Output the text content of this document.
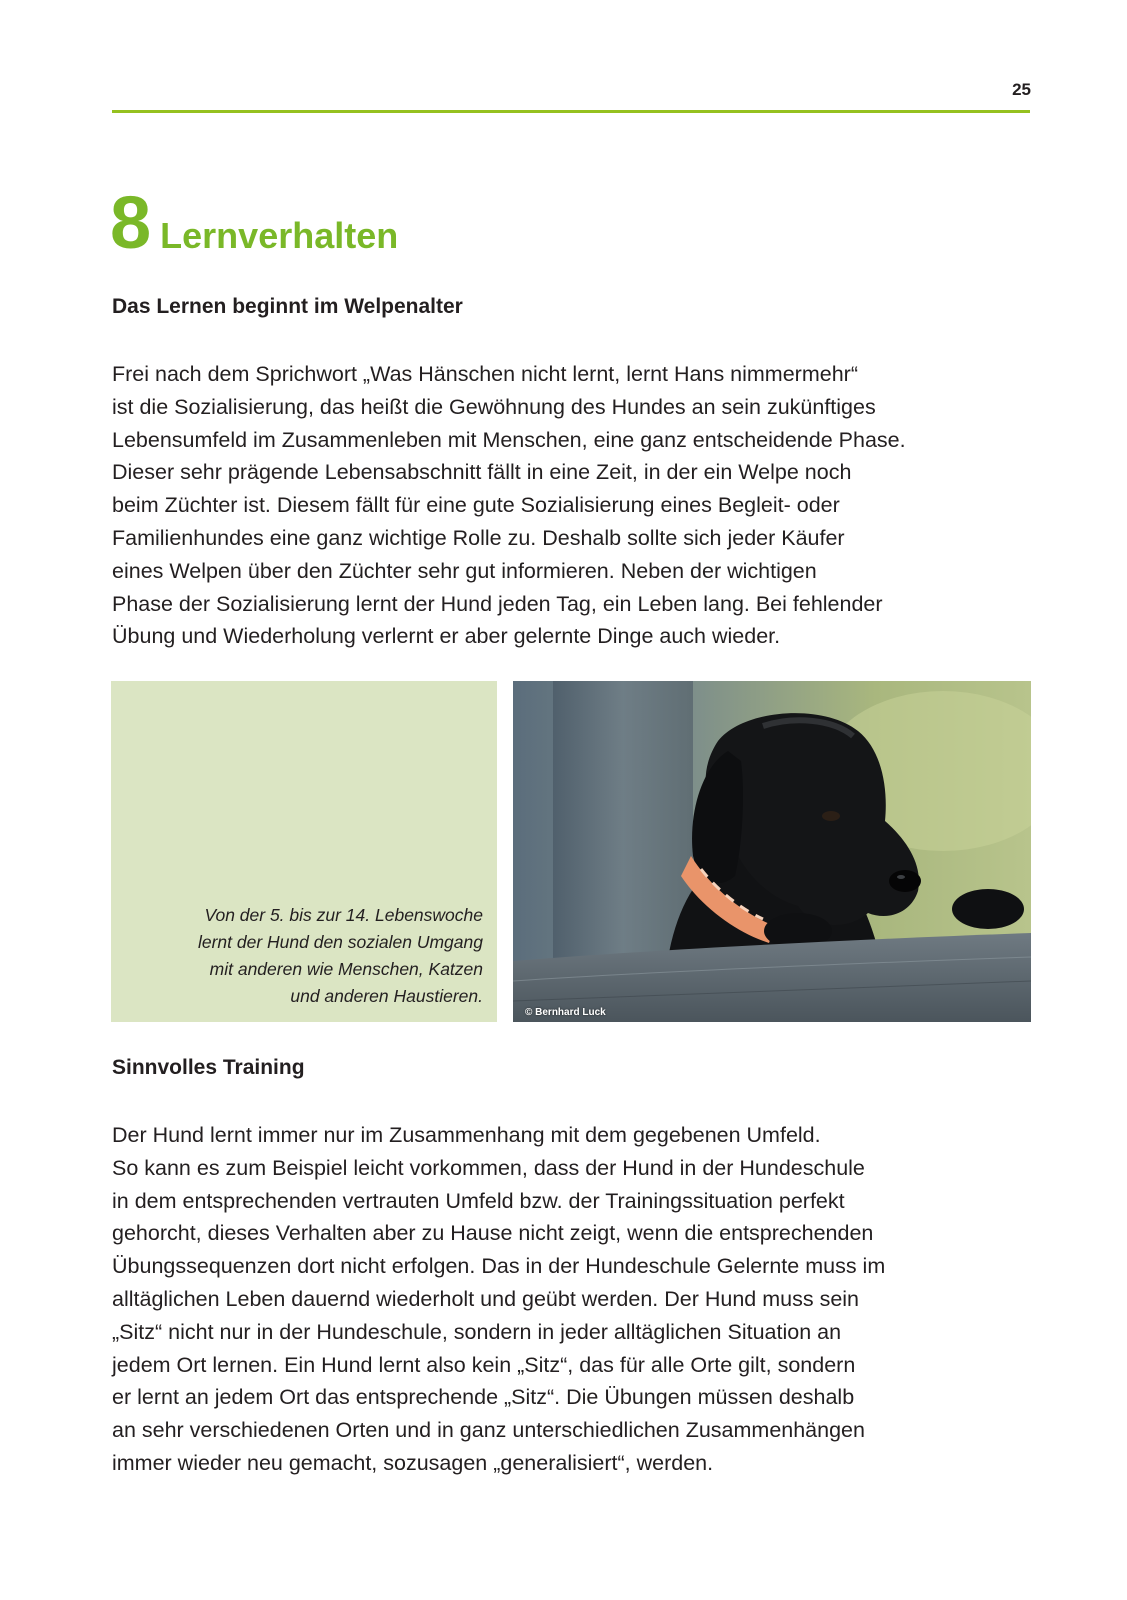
25
8 Lernverhalten
Das Lernen beginnt im Welpenalter

Frei nach dem Sprichwort „Was Hänschen nicht lernt, lernt Hans nimmermehr“
ist die Sozialisierung, das heißt die Gewöhnung des Hundes an sein zukünftiges
Lebensumfeld im Zusammenleben mit Menschen, eine ganz entscheidende Phase.
Dieser sehr prägende Lebensabschnitt fällt in eine Zeit, in der ein Welpe noch
beim Züchter ist. Diesem fällt für eine gute Sozialisierung eines Begleit- oder
Familienhundes eine ganz wichtige Rolle zu. Deshalb sollte sich jeder Käufer
eines Welpen über den Züchter sehr gut informieren. Neben der wichtigen
Phase der Sozialisierung lernt der Hund jeden Tag, ein Leben lang. Bei fehlender
Übung und Wiederholung verlernt er aber gelernte Dinge auch wieder.

Von der 5. bis zur 14. Lebenswoche
lernt der Hund den sozialen Umgang
mit anderen wie Menschen, Katzen
und anderen Haustieren.

© Bernhard Luck
Sinnvolles Training

Der Hund lernt immer nur im Zusammenhang mit dem gegebenen Umfeld.
So kann es zum Beispiel leicht vorkommen, dass der Hund in der Hundeschule
in dem entsprechenden vertrauten Umfeld bzw. der Trainingssituation perfekt
gehorcht, dieses Verhalten aber zu Hause nicht zeigt, wenn die entsprechenden
Übungssequenzen dort nicht erfolgen. Das in der Hundeschule Gelernte muss im
alltäglichen Leben dauernd wiederholt und geübt werden. Der Hund muss sein
„Sitz“ nicht nur in der Hundeschule, sondern in jeder alltäglichen Situation an
jedem Ort lernen. Ein Hund lernt also kein „Sitz“, das für alle Orte gilt, sondern
er lernt an jedem Ort das entsprechende „Sitz“. Die Übungen müssen deshalb
an sehr verschiedenen Orten und in ganz unterschiedlichen Zusammenhängen
immer wieder neu gemacht, sozusagen „generalisiert“, werden.
